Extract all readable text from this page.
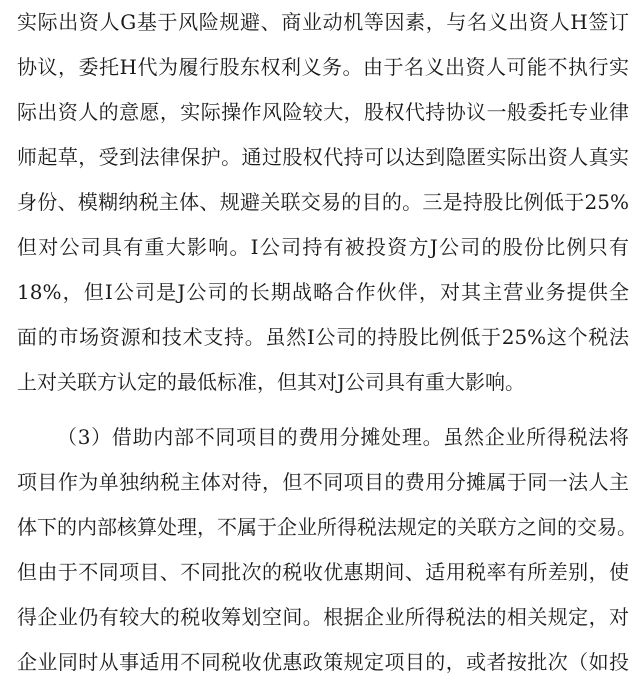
实际出资人G基于风险规避、商业动机等因素，与名义出资人H签订
协议，委托H代为履行股东权利义务。由于名义出资人可能不执行实
际出资人的意愿，实际操作风险较大，股权代持协议一般委托专业律
师起草，受到法律保护。通过股权代持可以达到隐匿实际出资人真实
身份、模糊纳税主体、规避关联交易的目的。三是持股比例低于25%
但对公司具有重大影响。I公司持有被投资方J公司的股份比例只有
18%，但I公司是J公司的长期战略合作伙伴，对其主营业务提供全
面的市场资源和技术支持。虽然I公司的持股比例低于25%这个税法
上对关联方认定的最低标准，但其对J公司具有重大影响。
（3）借助内部不同项目的费用分摊处理。虽然企业所得税法将
项目作为单独纳税主体对待，但不同项目的费用分摊属于同一法人主
体下的内部核算处理，不属于企业所得税法规定的关联方之间的交易。
但由于不同项目、不同批次的税收优惠期间、适用税率有所差别，使
得企业仍有较大的税收筹划空间。根据企业所得税法的相关规定，对
企业同时从事适用不同税收优惠政策规定项目的，或者按批次（如投
